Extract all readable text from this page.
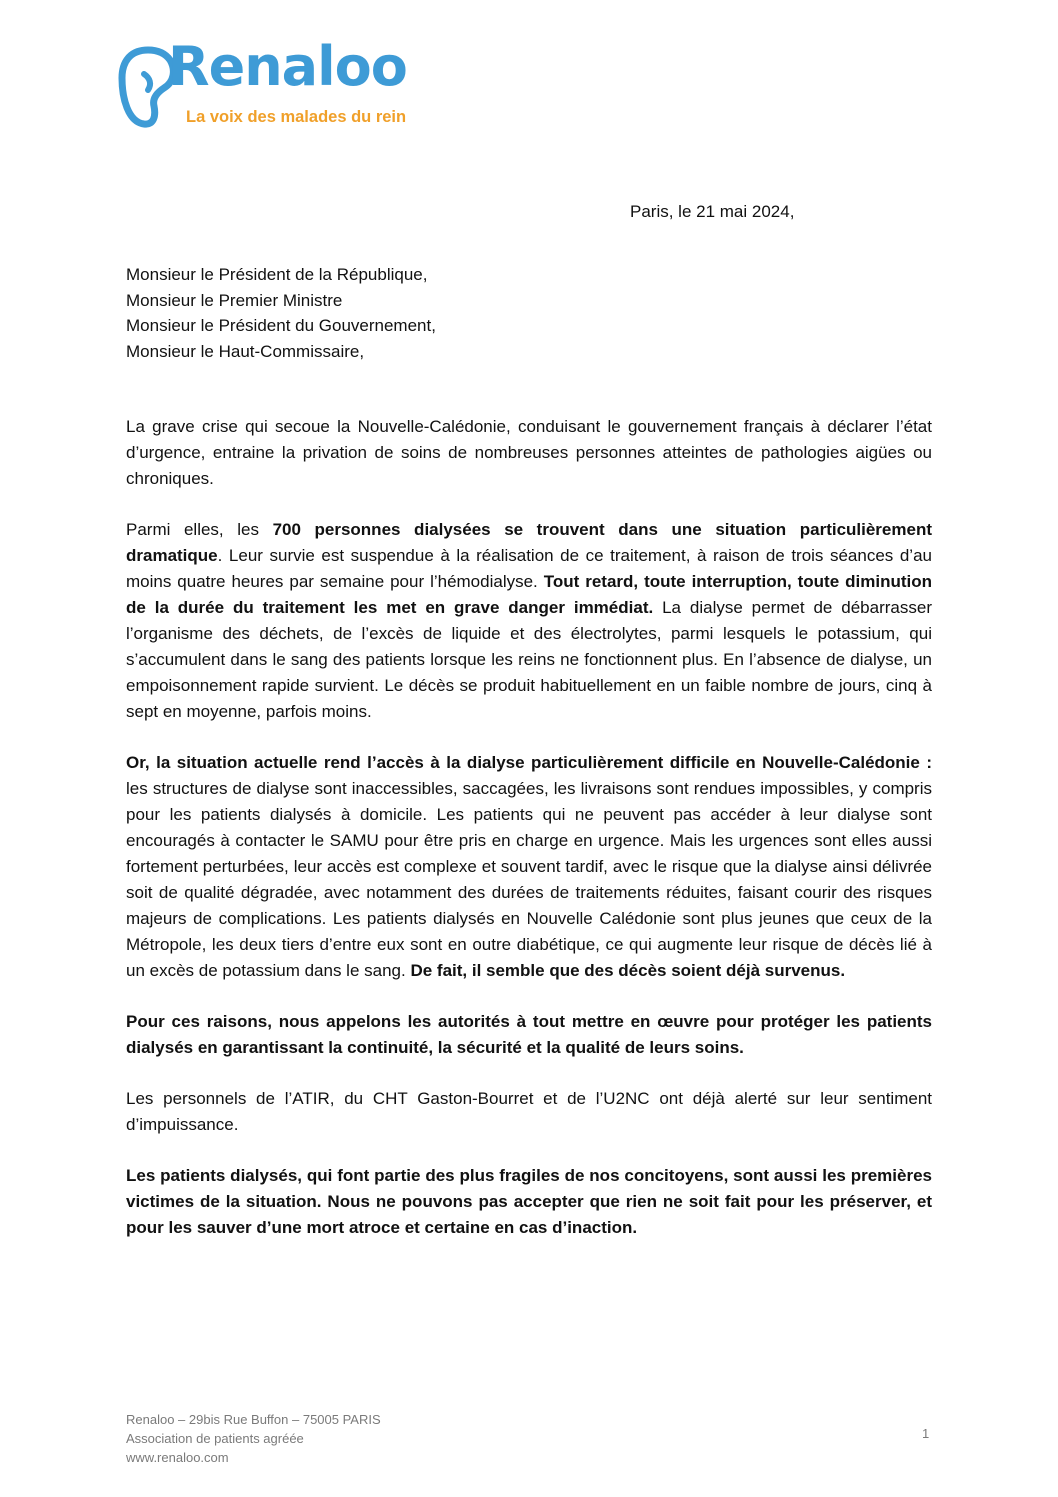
Renaloo
La voix des malades du rein
Paris, le 21 mai 2024,
Monsieur le Président de la République,
Monsieur le Premier Ministre
Monsieur le Président du Gouvernement,
Monsieur le Haut-Commissaire,

La grave crise qui secoue la Nouvelle-Calédonie, conduisant le gouvernement français à déclarer l’état d’urgence, entraine la privation de soins de nombreuses personnes atteintes de pathologies aigües ou chroniques.

Parmi elles, les 700 personnes dialysées se trouvent dans une situation particulièrement dramatique. Leur survie est suspendue à la réalisation de ce traitement, à raison de trois séances d’au moins quatre heures par semaine pour l’hémodialyse. Tout retard, toute interruption, toute diminution de la durée du traitement les met en grave danger immédiat. La dialyse permet de débarrasser l’organisme des déchets, de l’excès de liquide et des électrolytes, parmi lesquels le potassium, qui s’accumulent dans le sang des patients lorsque les reins ne fonctionnent plus. En l’absence de dialyse, un empoisonnement rapide survient. Le décès se produit habituellement en un faible nombre de jours, cinq à sept en moyenne, parfois moins.

Or, la situation actuelle rend l’accès à la dialyse particulièrement difficile en Nouvelle-Calédonie : les structures de dialyse sont inaccessibles, saccagées, les livraisons sont rendues impossibles, y compris pour les patients dialysés à domicile. Les patients qui ne peuvent pas accéder à leur dialyse sont encouragés à contacter le SAMU pour être pris en charge en urgence. Mais les urgences sont elles aussi fortement perturbées, leur accès est complexe et souvent tardif, avec le risque que la dialyse ainsi délivrée soit de qualité dégradée, avec notamment des durées de traitements réduites, faisant courir des risques majeurs de complications. Les patients dialysés en Nouvelle Calédonie sont plus jeunes que ceux de la Métropole, les deux tiers d’entre eux sont en outre diabétique, ce qui augmente leur risque de décès lié à un excès de potassium dans le sang. De fait, il semble que des décès soient déjà survenus.

Pour ces raisons, nous appelons les autorités à tout mettre en œuvre pour protéger les patients dialysés en garantissant la continuité, la sécurité et la qualité de leurs soins.

Les personnels de l’ATIR, du CHT Gaston-Bourret et de l’U2NC ont déjà alerté sur leur sentiment d’impuissance.

Les patients dialysés, qui font partie des plus fragiles de nos concitoyens, sont aussi les premières victimes de la situation. Nous ne pouvons pas accepter que rien ne soit fait pour les préserver, et pour les sauver d’une mort atroce et certaine en cas d’inaction.

Renaloo – 29bis Rue Buffon – 75005 PARIS
Association de patients agréée
www.renaloo.com
1
